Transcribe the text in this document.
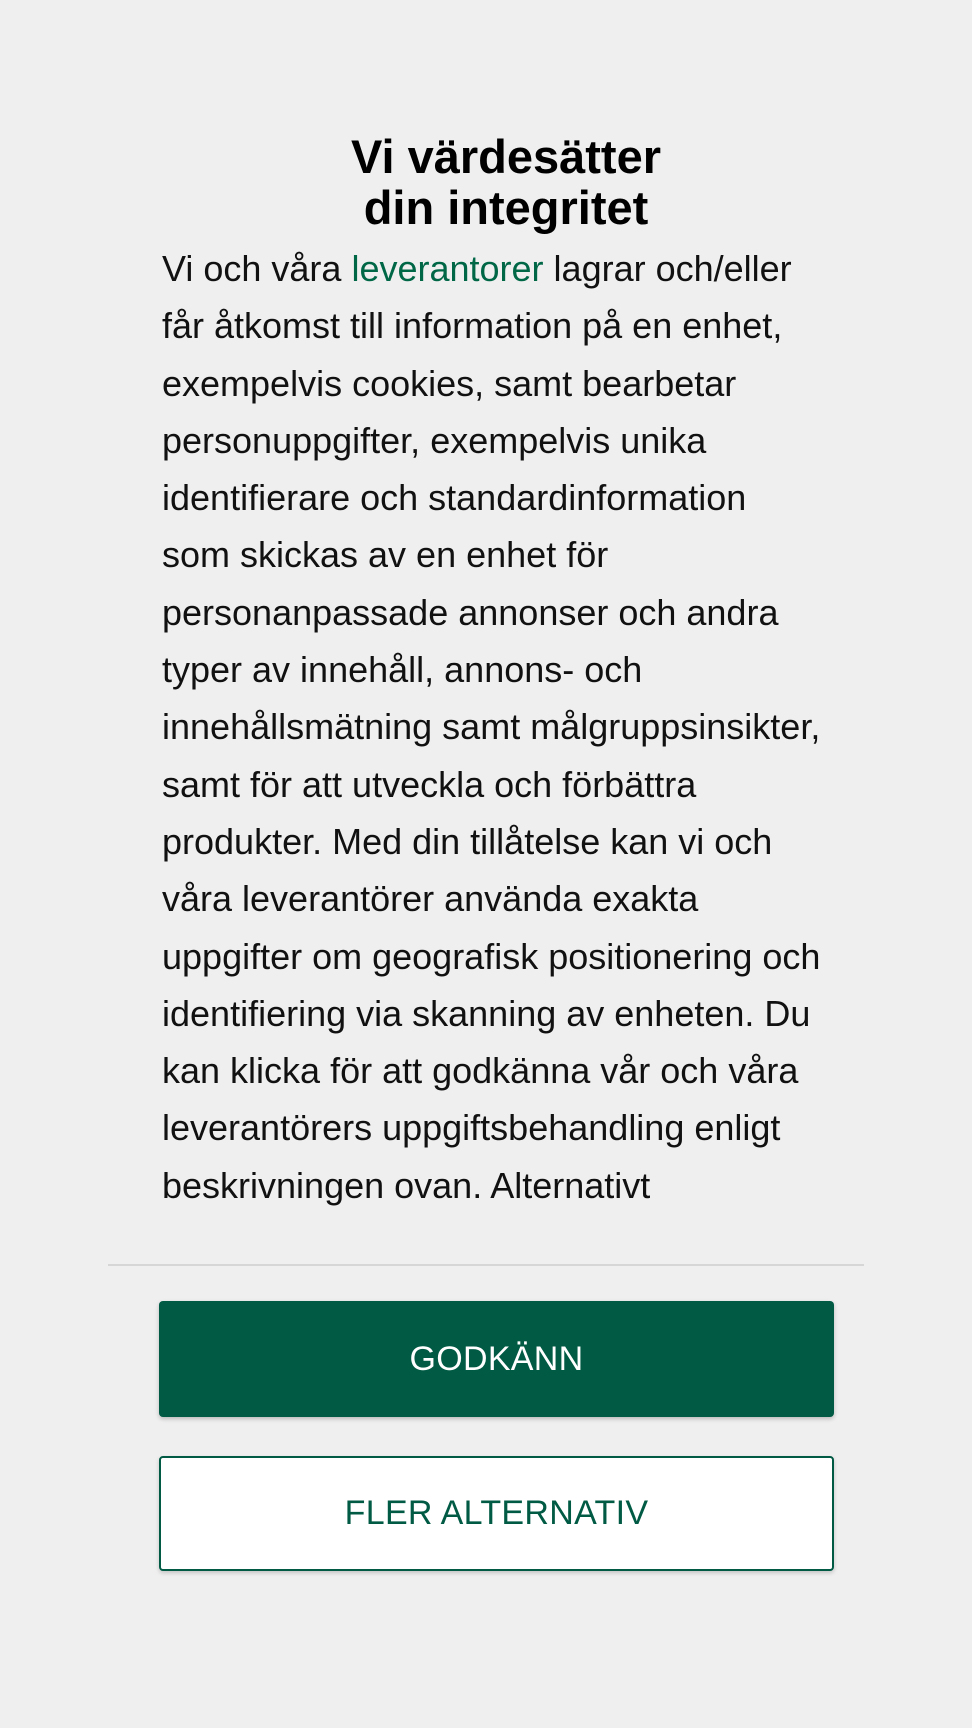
Vi värdesätter
din integritet

Vi och våra leverantorer lagrar och/eller får åtkomst till information på en enhet, exempelvis cookies, samt bearbetar personuppgifter, exempelvis unika identifierare och standardinformation som skickas av en enhet för personanpassade annonser och andra typer av innehåll, annons- och innehållsmätning samt målgruppsinsikter, samt för att utveckla och förbättra produkter. Med din tillåtelse kan vi och våra leverantörer använda exakta uppgifter om geografisk positionering och identifiering via skanning av enheten. Du kan klicka för att godkänna vår och våra leverantörers uppgiftsbehandling enligt beskrivningen ovan. Alternativt

GODKÄNN
FLER ALTERNATIV
